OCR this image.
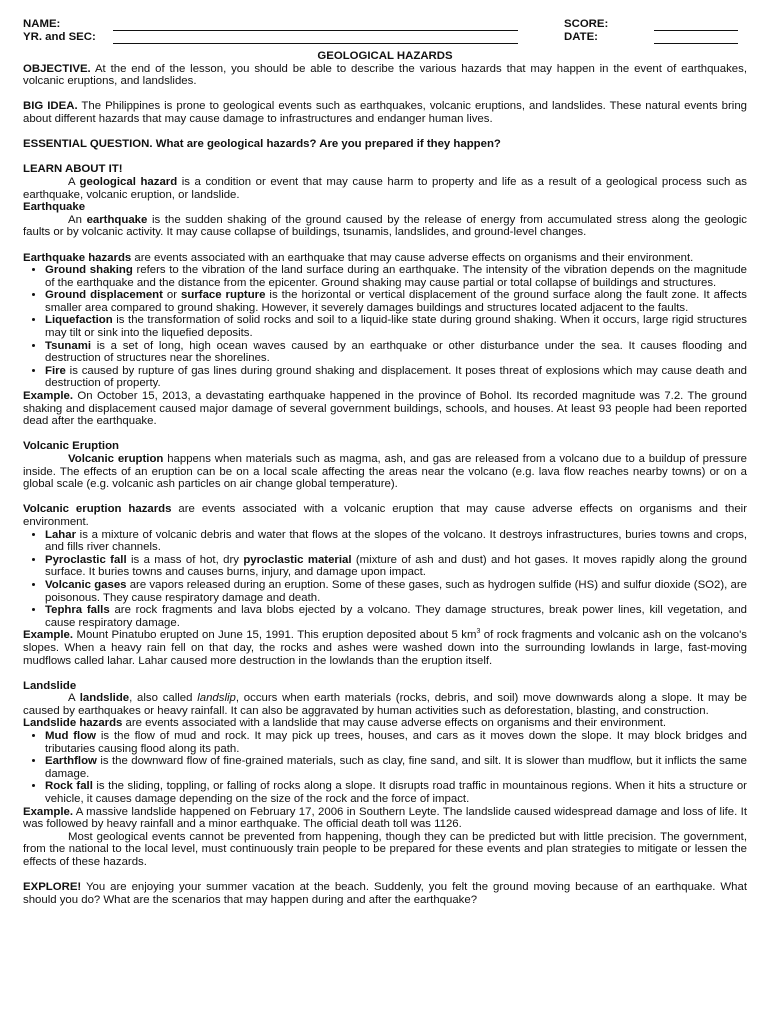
NAME:	SCORE:
YR. and SEC:	DATE:
GEOLOGICAL HAZARDS

OBJECTIVE. At the end of the lesson, you should be able to describe the various hazards that may happen in the event of earthquakes, volcanic eruptions, and landslides.

BIG IDEA. The Philippines is prone to geological events such as earthquakes, volcanic eruptions, and landslides. These natural events bring about different hazards that may cause damage to infrastructures and endanger human lives.

ESSENTIAL QUESTION. What are geological hazards? Are you prepared if they happen?

LEARN ABOUT IT!

A geological hazard is a condition or event that may cause harm to property and life as a result of a geological process such as earthquake, volcanic eruption, or landslide.

Earthquake

An earthquake is the sudden shaking of the ground caused by the release of energy from accumulated stress along the geologic faults or by volcanic activity. It may cause collapse of buildings, tsunamis, landslides, and ground-level changes.

Earthquake hazards are events associated with an earthquake that may cause adverse effects on organisms and their environment.

• Ground shaking refers to the vibration of the land surface during an earthquake. The intensity of the vibration depends on the magnitude of the earthquake and the distance from the epicenter. Ground shaking may cause partial or total collapse of buildings and structures.
• Ground displacement or surface rupture is the horizontal or vertical displacement of the ground surface along the fault zone. It affects smaller area compared to ground shaking. However, it severely damages buildings and structures located adjacent to the faults.
• Liquefaction is the transformation of solid rocks and soil to a liquid-like state during ground shaking. When it occurs, large rigid structures may tilt or sink into the liquefied deposits.
• Tsunami is a set of long, high ocean waves caused by an earthquake or other disturbance under the sea. It causes flooding and destruction of structures near the shorelines.
• Fire is caused by rupture of gas lines during ground shaking and displacement. It poses threat of explosions which may cause death and destruction of property.

Example. On October 15, 2013, a devastating earthquake happened in the province of Bohol. Its recorded magnitude was 7.2. The ground shaking and displacement caused major damage of several government buildings, schools, and houses. At least 93 people had been reported dead after the earthquake.

Volcanic Eruption

Volcanic eruption happens when materials such as magma, ash, and gas are released from a volcano due to a buildup of pressure inside. The effects of an eruption can be on a local scale affecting the areas near the volcano (e.g. lava flow reaches nearby towns) or on a global scale (e.g. volcanic ash particles on air change global temperature).

Volcanic eruption hazards are events associated with a volcanic eruption that may cause adverse effects on organisms and their environment.

• Lahar is a mixture of volcanic debris and water that flows at the slopes of the volcano. It destroys infrastructures, buries towns and crops, and fills river channels.
• Pyroclastic fall is a mass of hot, dry pyroclastic material (mixture of ash and dust) and hot gases. It moves rapidly along the ground surface. It buries towns and causes burns, injury, and damage upon impact.
• Volcanic gases are vapors released during an eruption. Some of these gases, such as hydrogen sulfide (HS) and sulfur dioxide (SO2), are poisonous. They cause respiratory damage and death.
• Tephra falls are rock fragments and lava blobs ejected by a volcano. They damage structures, break power lines, kill vegetation, and cause respiratory damage.

Example. Mount Pinatubo erupted on June 15, 1991. This eruption deposited about 5 $km^3$ of rock fragments and volcanic ash on the volcano's slopes. When a heavy rain fell on that day, the rocks and ashes were washed down into the surrounding lowlands in large, fast-moving mudflows called lahar. Lahar caused more destruction in the lowlands than the eruption itself.

Landslide

A landslide, also called landslip, occurs when earth materials (rocks, debris, and soil) move downwards along a slope. It may be caused by earthquakes or heavy rainfall. It can also be aggravated by human activities such as deforestation, blasting, and construction.

Landslide hazards are events associated with a landslide that may cause adverse effects on organisms and their environment.

• Mud flow is the flow of mud and rock. It may pick up trees, houses, and cars as it moves down the slope. It may block bridges and tributaries causing flood along its path.
• Earthflow is the downward flow of fine-grained materials, such as clay, fine sand, and silt. It is slower than mudflow, but it inflicts the same damage.
• Rock fall is the sliding, toppling, or falling of rocks along a slope. It disrupts road traffic in mountainous regions. When it hits a structure or vehicle, it causes damage depending on the size of the rock and the force of impact.

Example. A massive landslide happened on February 17, 2006 in Southern Leyte. The landslide caused widespread damage and loss of life. It was followed by heavy rainfall and a minor earthquake. The official death toll was 1126.

Most geological events cannot be prevented from happening, though they can be predicted but with little precision. The government, from the national to the local level, must continuously train people to be prepared for these events and plan strategies to mitigate or lessen the effects of these hazards.

EXPLORE! You are enjoying your summer vacation at the beach. Suddenly, you felt the ground moving because of an earthquake. What should you do? What are the scenarios that may happen during and after the earthquake?
